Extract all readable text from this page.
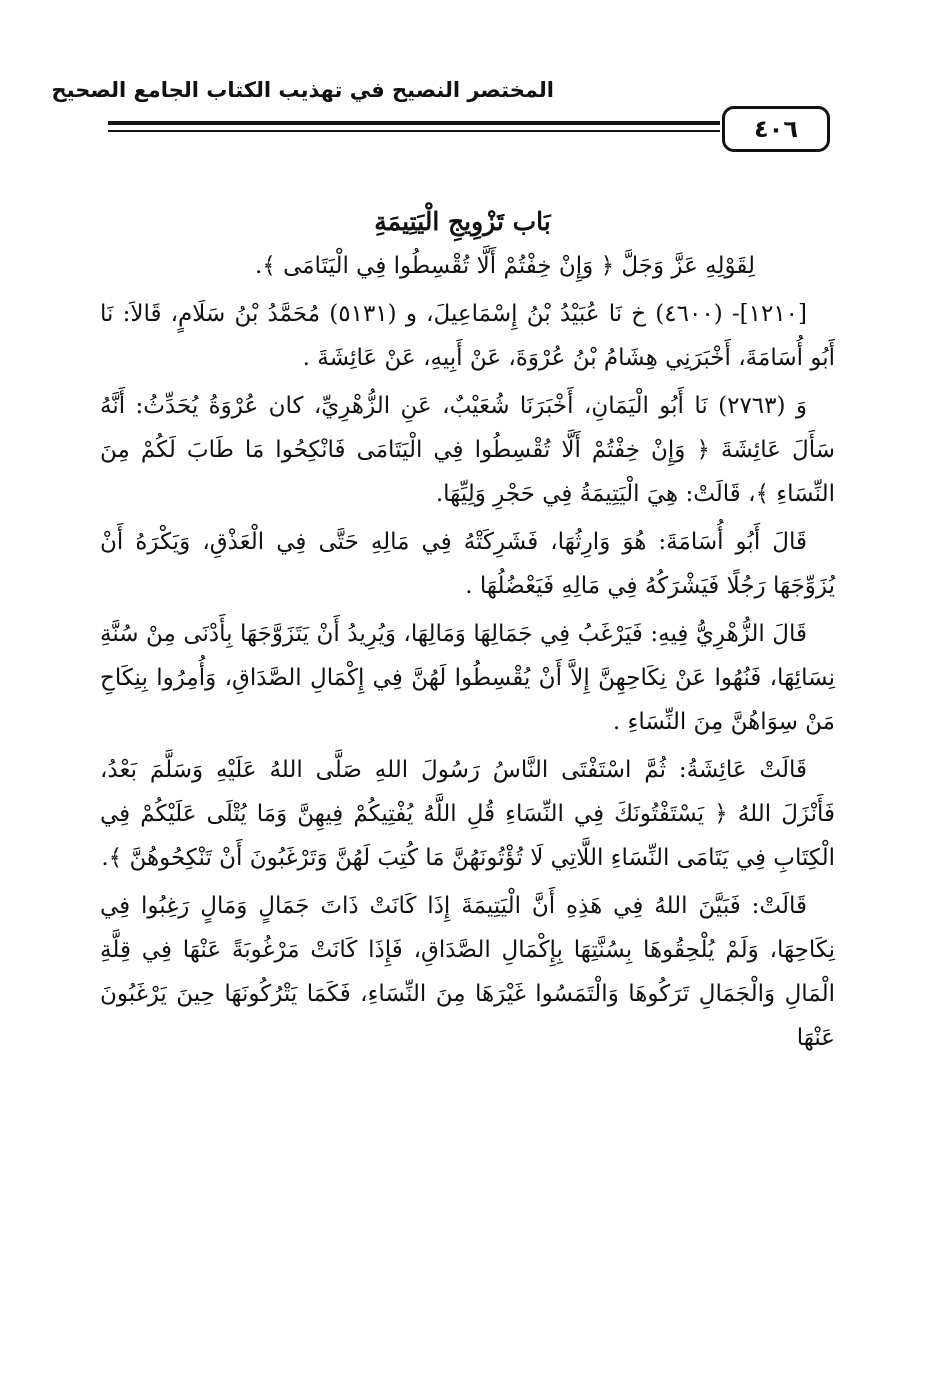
المختصر النصيح في تهذيب الكتاب الجامع الصحيح
٤٠٦

بَاب تَزْوِيجِ الْيَتِيمَةِ

لِقَوْلِهِ عَزَّ وَجَلَّ ﴿ وَإِنْ خِفْتُمْ أَلَّا تُقْسِطُوا فِي الْيَتَامَى ﴾.

[١٢١٠]- (٤٦٠٠) خ نَا عُبَيْدُ بْنُ إِسْمَاعِيلَ، و (٥١٣١) مُحَمَّدُ بْنُ سَلَامٍ، قَالاَ: نَا أَبُو أُسَامَةَ، أَخْبَرَنِي هِشَامُ بْنُ عُرْوَةَ، عَنْ أَبِيهِ، عَنْ عَائِشَةَ .

وَ (٢٧٦٣) نَا أَبُو الْيَمَانِ، أَخْبَرَنَا شُعَيْبٌ، عَنِ الزُّهْرِيِّ، كان عُرْوَةُ يُحَدِّثُ: أَنَّهُ سَأَلَ عَائِشَةَ ﴿ وَإِنْ خِفْتُمْ أَلَّا تُقْسِطُوا فِي الْيَتَامَى فَانْكِحُوا مَا طَابَ لَكُمْ مِنَ النِّسَاءِ ﴾، قَالَتْ: هِيَ الْيَتِيمَةُ فِي حَجْرِ وَلِيِّهَا.

قَالَ أَبُو أُسَامَةَ: هُوَ وَارِثُهَا، فَشَرِكَتْهُ فِي مَالِهِ حَتَّى فِي الْعَذْقِ، وَيَكْرَهُ أَنْ يُزَوِّجَهَا رَجُلًا فَيَشْرَكُهُ فِي مَالِهِ فَيَعْضُلُهَا .

قَالَ الزُّهْرِيُّ فِيهِ: فَيَرْغَبُ فِي جَمَالِهَا وَمَالِهَا، وَيُرِيدُ أَنْ يَتَزَوَّجَهَا بِأَدْنَى مِنْ سُنَّةِ نِسَائِهَا، فَنُهُوا عَنْ نِكَاحِهِنَّ إِلاَّ أَنْ يُقْسِطُوا لَهُنَّ فِي إِكْمَالِ الصَّدَاقِ، وَأُمِرُوا بِنِكَاحِ مَنْ سِوَاهُنَّ مِنَ النِّسَاءِ .

قَالَتْ عَائِشَةُ: ثُمَّ اسْتَفْتَى النَّاسُ رَسُولَ اللهِ صَلَّى اللهُ عَلَيْهِ وَسَلَّمَ بَعْدُ، فَأَنْزَلَ اللهُ ﴿ يَسْتَفْتُونَكَ فِي النِّسَاءِ قُلِ اللَّهُ يُفْتِيكُمْ فِيهِنَّ وَمَا يُتْلَى عَلَيْكُمْ فِي الْكِتَابِ فِي يَتَامَى النِّسَاءِ اللَّاتِي لَا تُؤْتُونَهُنَّ مَا كُتِبَ لَهُنَّ وَتَرْغَبُونَ أَنْ تَنْكِحُوهُنَّ ﴾.

قَالَتْ: فَبَيَّنَ اللهُ فِي هَذِهِ أَنَّ الْيَتِيمَةَ إِذَا كَانَتْ ذَاتَ جَمَالٍ وَمَالٍ رَغِبُوا فِي نِكَاحِهَا، وَلَمْ يُلْحِقُوهَا بِسُنَّتِهَا بِإِكْمَالِ الصَّدَاقِ، فَإِذَا كَانَتْ مَرْغُوبَةً عَنْهَا فِي قِلَّةِ الْمَالِ وَالْجَمَالِ تَرَكُوهَا وَالْتَمَسُوا غَيْرَهَا مِنَ النِّسَاءِ، فَكَمَا يَتْرُكُونَهَا حِينَ يَرْغَبُونَ عَنْهَا
